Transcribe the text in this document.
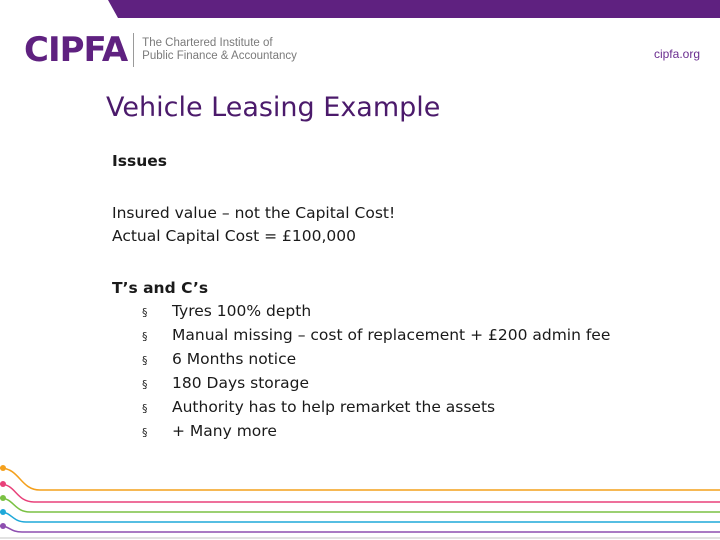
CIPFA The Chartered Institute of
Public Finance & Accountancy	cipfa.org
Vehicle Leasing Example

Issues

Insured value – not the Capital Cost!

Actual Capital Cost = £100,000

T’s and C’s

§	Tyres 100% depth
§	Manual missing – cost of replacement + £200 admin fee
§	6 Months notice
§	180 Days storage
§	Authority has to help remarket the assets
§	+ Many more
